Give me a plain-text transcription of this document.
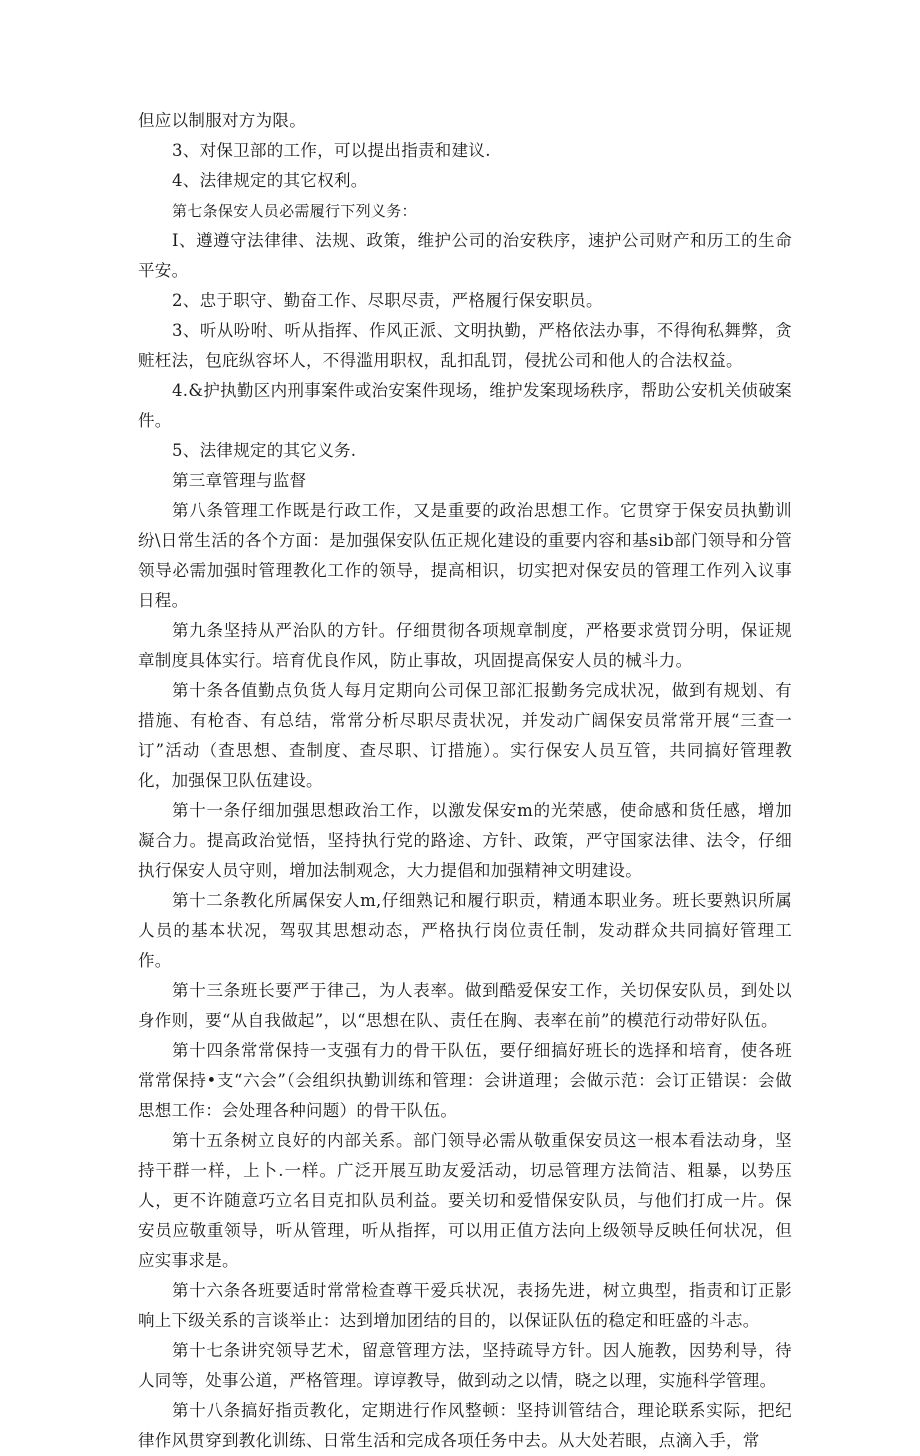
但应以制服对方为限。

3、对保卫部的工作，可以提出指责和建议.

4、法律规定的其它权利。

第七条保安人员必需履行下列义务：

I、遵遵守法律律、法规、政策，维护公司的治安秩序，速护公司财产和历工的生命平安。

2、忠于职守、勤奋工作、尽职尽责，严格履行保安职员。

3、听从吩咐、听从指挥、作风正派、文明执勤，严格依法办事，不得徇私舞弊，贪赃枉法，包庇纵容坏人，不得滥用职权，乱扣乱罚，侵扰公司和他人的合法权益。

4.&护执勤区内刑事案件或治安案件现场，维护发案现场秩序，帮助公安机关侦破案件。

5、法律规定的其它义务.

第三章管理与监督

第八条管理工作既是行政工作，又是重要的政治思想工作。它贯穿于保安员执勤训纷\日常生活的各个方面：是加强保安队伍正规化建设的重要内容和基sib部门领导和分管领导必需加强时管理教化工作的领导，提高相识，切实把对保安员的管理工作列入议事日程。

第九条坚持从严治队的方针。仔细贯彻各项规章制度，严格要求赏罚分明，保证规章制度具体实行。培育优良作风，防止事故，巩固提高保安人员的械斗力。

第十条各值勤点负货人每月定期向公司保卫部汇报勤务完成状况，做到有规划、有措施、有枪杳、有总结，常常分析尽职尽责状况，并发动广阔保安员常常开展“三查一订”活动（查思想、查制度、查尽职、订措施）。实行保安人员互管，共同搞好管理教化，加强保卫队伍建设。

第十一条仔细加强思想政治工作，以激发保安m的光荣感，使命感和货任感，增加凝合力。提高政治觉悟，坚持执行党的路途、方针、政策，严守国家法律、法令，仔细执行保安人员守则，增加法制观念，大力提倡和加强精神文明建设。

第十二条教化所属保安人m,仔细熟记和履行职贡，精通本职业务。班长要熟识所属人员的基本状况，驾驭其思想动态，严格执行岗位责任制，发动群众共同搞好管理工作。

第十三条班长要严于律己，为人表率。做到酷爱保安工作，关切保安队员，到处以身作则，要“从自我做起”，以“思想在队、责任在胸、表率在前”的模范行动带好队伍。

第十四条常常保持一支强有力的骨干队伍，要仔细搞好班长的选择和培育，使各班常常保持•支“六会”（会组织执勤训练和管理：会讲道理；会做示范：会订正错误：会做思想工作：会处理各种问题）的骨干队伍。

第十五条树立良好的内部关系。部门领导必需从敬重保安员这一根本看法动身，坚持干群一样，上卜.一样。广泛开展互助友爱活动，切忌管理方法简洁、粗暴，以势压人，更不许随意巧立名目克扣队员利益。要关切和爱惜保安队员，与他们打成一片。保安员应敬重领导，听从管理，听从指挥，可以用正值方法向上级领导反映任何状况，但应实事求是。

第十六条各班要适时常常检查尊干爱兵状况，表扬先进，树立典型，指责和订正影响上下级关系的言谈举止：达到增加团结的目的，以保证队伍的稳定和旺盛的斗志。

第十七条讲究领导艺术，留意管理方法，坚持疏导方针。因人施教，因势利导，待人同等，处事公道，严格管理。谆谆教导，做到动之以情，晓之以理，实施科学管理。

第十八条搞好指贡教化，定期进行作风整顿：坚持训管结合，理论联系实际，把纪律作风贯穿到教化训练、日常生活和完成各项任务中去。从大处若眼，点滴入手，常
